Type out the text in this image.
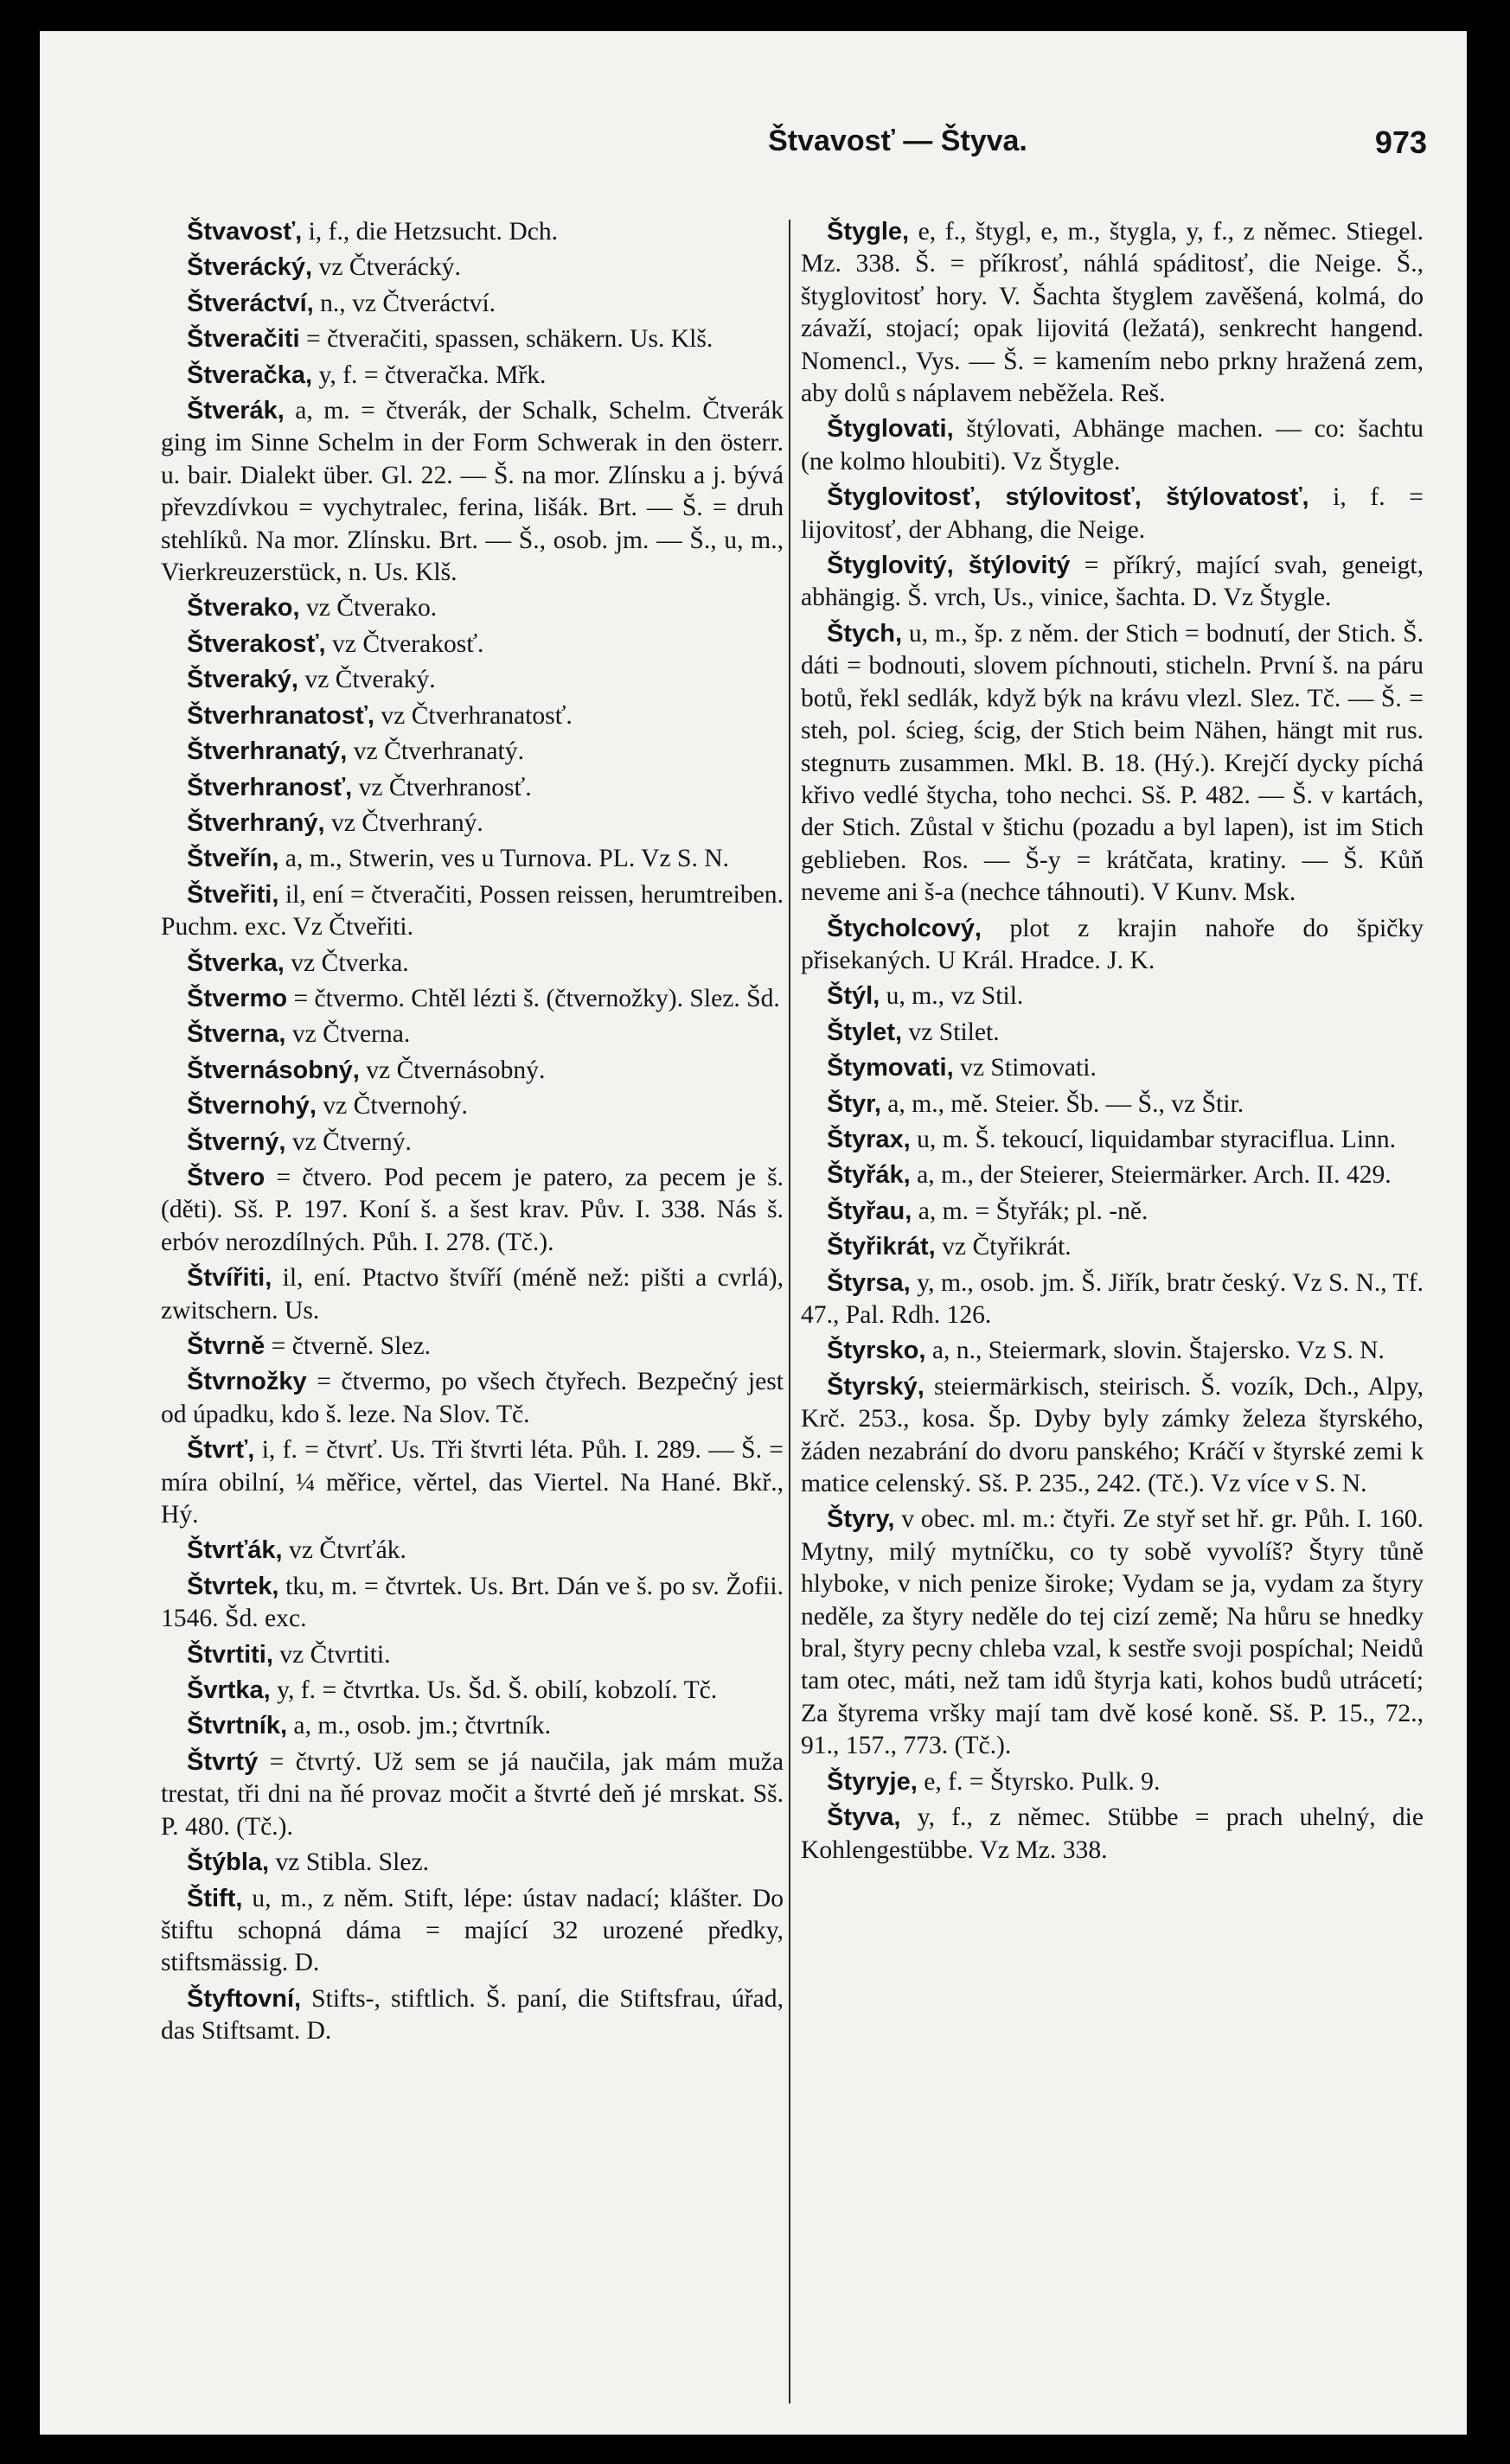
Štvavosť — Štyva.	973

Štvavosť, i, f., die Hetzsucht. Dch.

Štverácký, vz Čtverácký.

Štveráctví, n., vz Čtveráctví.

Štveračiti = čtveračiti, spassen, schäkern. Us. Klš.

Štveračka, y, f. = čtveračka. Mřk.

Štverák, a, m. = čtverák, der Schalk, Schelm. Čtverák ging im Sinne Schelm in der Form Schwerak in den österr. u. bair. Dialekt über. Gl. 22. — Š. na mor. Zlínsku a j. bývá převzdívkou = vychytralec, ferina, lišák. Brt. — Š. = druh stehlíků. Na mor. Zlínsku. Brt. — Š., osob. jm. — Š., u, m., Vierkreuzerstück, n. Us. Klš.

Štverako, vz Čtverako.

Štverakosť, vz Čtverakosť.

Štveraký, vz Čtveraký.

Štverhranatosť, vz Čtverhranatosť.

Štverhranatý, vz Čtverhranatý.

Štverhranosť, vz Čtverhranosť.

Štverhraný, vz Čtverhraný.

Štveřín, a, m., Stwerin, ves u Turnova. PL. Vz S. N.

Štveřiti, il, ení = čtveračiti, Possen reissen, herumtreiben. Puchm. exc. Vz Čtveřiti.

Štverka, vz Čtverka.

Štvermo = čtvermo. Chtěl lézti š. (čtvernožky). Slez. Šd.

Štverna, vz Čtverna.

Štvernásobný, vz Čtvernásobný.

Štvernohý, vz Čtvernohý.

Štverný, vz Čtverný.

Štvero = čtvero. Pod pecem je patero, za pecem je š. (děti). Sš. P. 197. Koní š. a šest krav. Pův. I. 338. Nás š. erbóv nerozdílných. Půh. I. 278. (Tč.).

Štvířiti, il, ení. Ptactvo štvíří (méně než: pišti a cvrlá), zwitschern. Us.

Štvrně = čtverně. Slez.

Štvrnožky = čtvermo, po všech čtyřech. Bezpečný jest od úpadku, kdo š. leze. Na Slov. Tč.

Štvrť, i, f. = čtvrť. Us. Tři štvrti léta. Půh. I. 289. — Š. = míra obilní, ¼ měřice, věrtel, das Viertel. Na Hané. Bkř., Hý.

Štvrťák, vz Čtvrťák.

Štvrtek, tku, m. = čtvrtek. Us. Brt. Dán ve š. po sv. Žofii. 1546. Šd. exc.

Štvrtiti, vz Čtvrtiti.

Švrtka, y, f. = čtvrtka. Us. Šd. Š. obilí, kobzolí. Tč.

Štvrtník, a, m., osob. jm.; čtvrtník.

Štvrtý = čtvrtý. Už sem se já naučila, jak mám muža trestat, tři dni na ňé provaz močit a štvrté deň jé mrskat. Sš. P. 480. (Tč.).

Štýbla, vz Stibla. Slez.

Štift, u, m., z něm. Stift, lépe: ústav nadací; klášter. Do štiftu schopná dáma = mající 32 urozené předky, stiftsmässig. D.

Štyftovní, Stifts-, stiftlich. Š. paní, die Stiftsfrau, úřad, das Stiftsamt. D.

Štygle, e, f., štygl, e, m., štygla, y, f., z němec. Stiegel. Mz. 338. Š. = příkrosť, náhlá spáditosť, die Neige. Š., štyglovitosť hory. V. Šachta štyglem zavěšená, kolmá, do závaží, stojací; opak lijovitá (ležatá), senkrecht hangend. Nomencl., Vys. — Š. = kamením nebo prkny hražená zem, aby dolů s náplavem neběžela. Reš.

Štyglovati, štýlovati, Abhänge machen. — co: šachtu (ne kolmo hloubiti). Vz Štygle.

Štyglovitosť, stýlovitosť, štýlovatosť, i, f. = lijovitosť, der Abhang, die Neige.

Štyglovitý, štýlovitý = příkrý, mající svah, geneigt, abhängig. Š. vrch, Us., vinice, šachta. D. Vz Štygle.

Štych, u, m., šp. z něm. der Stich = bodnutí, der Stich. Š. dáti = bodnouti, slovem píchnouti, sticheln. První š. na páru botů, řekl sedlák, když býk na krávu vlezl. Slez. Tč. — Š. = steh, pol. ścieg, ścig, der Stich beim Nähen, hängt mit rus. stegnuть zusammen. Mkl. B. 18. (Hý.). Krejčí dycky píchá křivo vedlé štycha, toho nechci. Sš. P. 482. — Š. v kartách, der Stich. Zůstal v štichu (pozadu a byl lapen), ist im Stich geblieben. Ros. — Š-y = krátčata, kratiny. — Š. Kůň neveme ani š-a (nechce táhnouti). V Kunv. Msk.

Štycholcový, plot z krajin nahoře do špičky přisekaných. U Král. Hradce. J. K.

Štýl, u, m., vz Stil.

Štylet, vz Stilet.

Štymovati, vz Stimovati.

Štyr, a, m., mě. Steier. Šb. — Š., vz Štir.

Štyrax, u, m. Š. tekoucí, liquidambar styraciflua. Linn.

Štyřák, a, m., der Steierer, Steiermärker. Arch. II. 429.

Štyřau, a, m. = Štyřák; pl. -ně.

Štyřikrát, vz Čtyřikrát.

Štyrsa, y, m., osob. jm. Š. Jiřík, bratr český. Vz S. N., Tf. 47., Pal. Rdh. 126.

Štyrsko, a, n., Steiermark, slovin. Štajersko. Vz S. N.

Štyrský, steiermärkisch, steirisch. Š. vozík, Dch., Alpy, Krč. 253., kosa. Šp. Dyby byly zámky železa štyrského, žáden nezabrání do dvoru panského; Kráčí v štyrské zemi k matice celenský. Sš. P. 235., 242. (Tč.). Vz více v S. N.

Štyry, v obec. ml. m.: čtyři. Ze styř set hř. gr. Půh. I. 160. Mytny, milý mytníčku, co ty sobě vyvolíš? Štyry tůně hlyboke, v nich penize široke; Vydam se ja, vydam za štyry neděle, za štyry neděle do tej cizí země; Na hůru se hnedky bral, štyry pecny chleba vzal, k sestře svoji pospíchal; Neidů tam otec, máti, než tam idů štyrja kati, kohos budů utrácetí; Za štyrema vršky mají tam dvě kosé koně. Sš. P. 15., 72., 91., 157., 773. (Tč.).

Štyryje, e, f. = Štyrsko. Pulk. 9.

Štyva, y, f., z němec. Stübbe = prach uhelný, die Kohlengestübbe. Vz Mz. 338.
